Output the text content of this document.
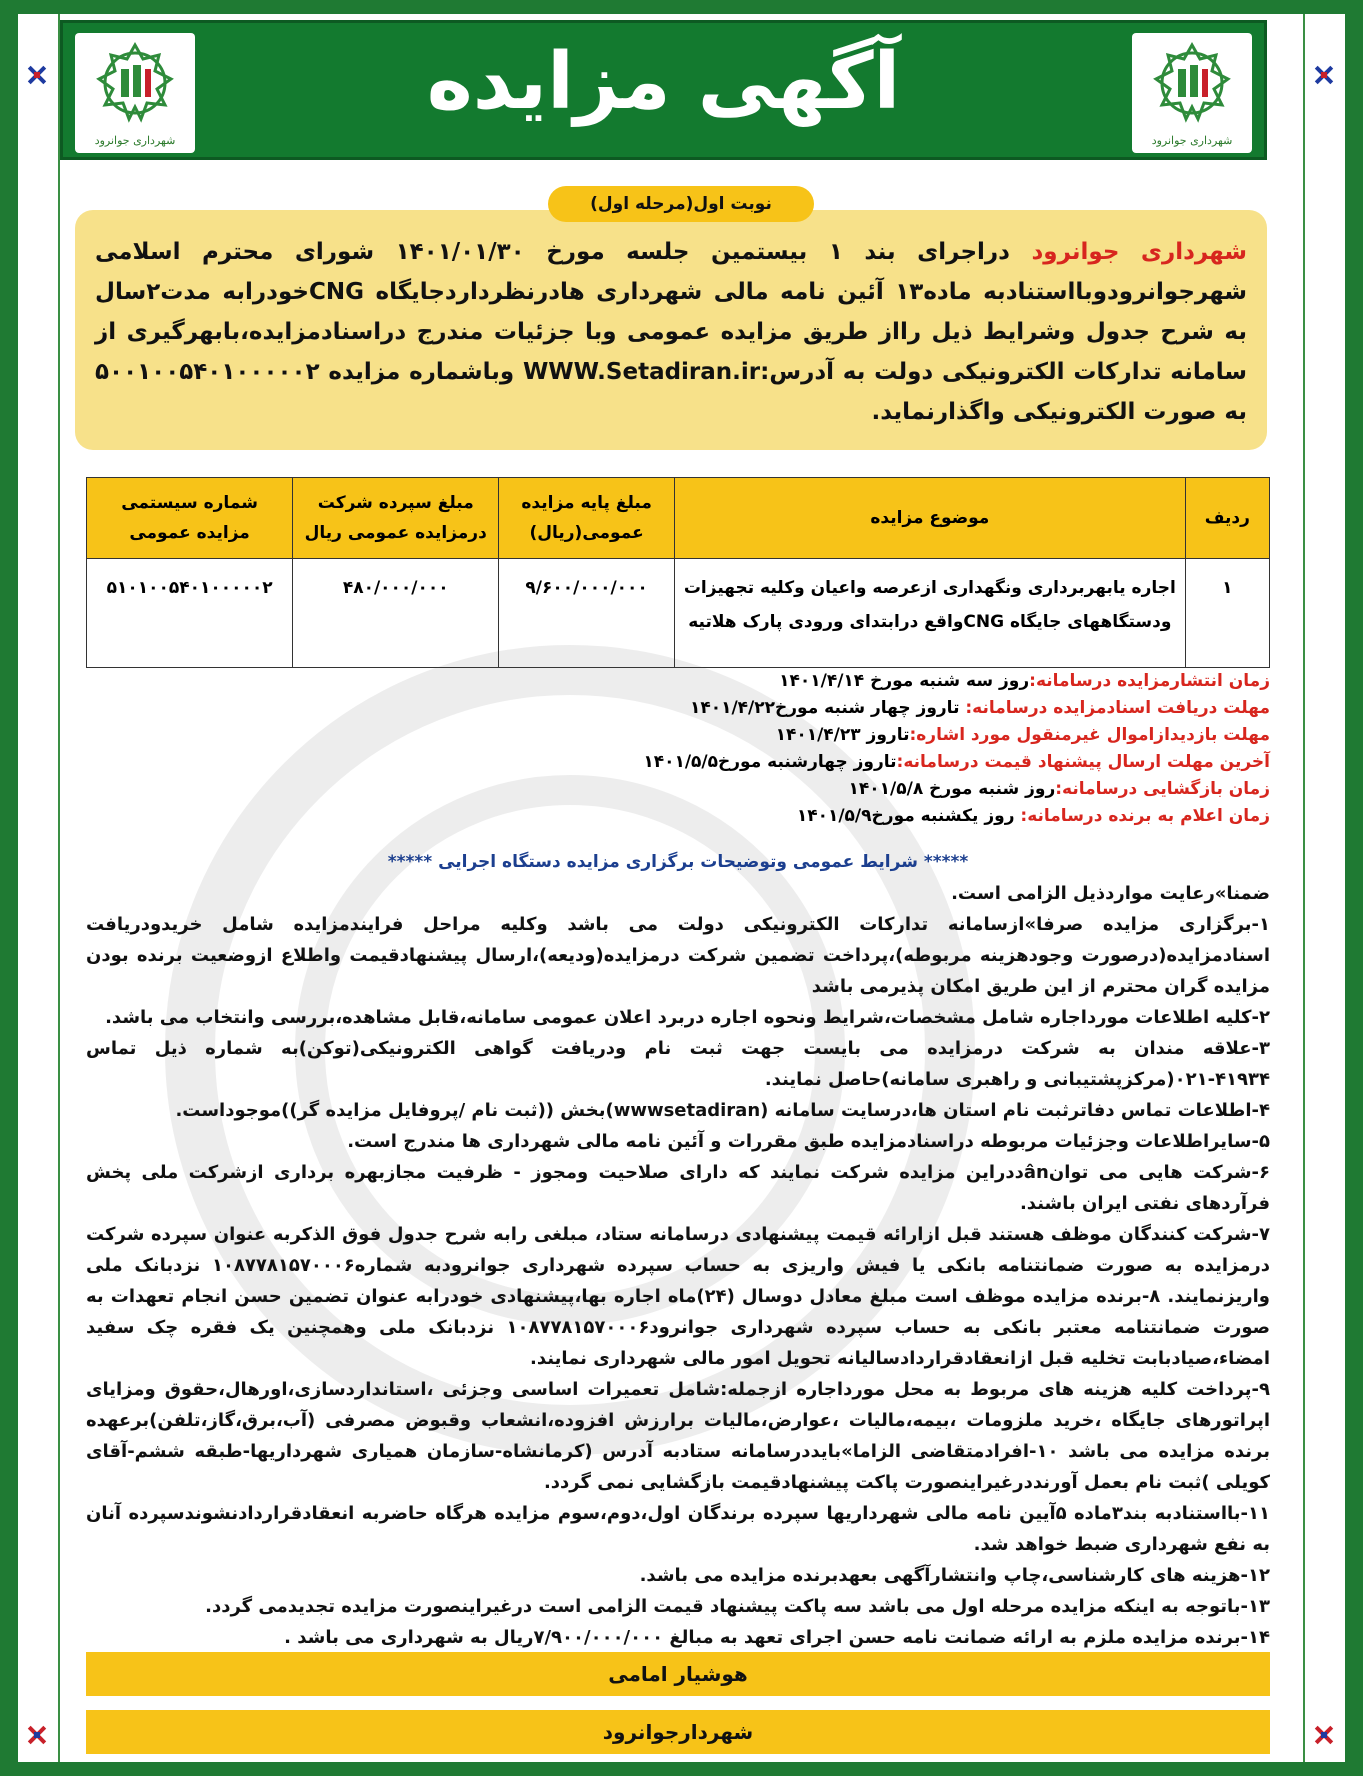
شهرداری جوانرود
آگهی مزایده
شهرداری جوانرود
شهرداری جوانرود دراجرای بند ۱ بیستمین جلسه مورخ ۱۴۰۱/۰۱/۳۰ شورای محترم اسلامی شهرجوانرودوبااستنادبه ماده۱۳ آئین نامه مالی شهرداری هادرنظرداردجایگاه CNGخودرابه مدت۲سال به شرح جدول وشرایط ذیل رااز طریق مزایده عمومی وبا جزئیات مندرج دراسنادمزایده،بابهرگیری از سامانه تدارکات الکترونیکی دولت به آدرس:WWW.Setadiran.ir وباشماره مزایده ۵۰۰۱۰۰۵۴۰۱۰۰۰۰۰۲ به صورت الکترونیکی واگذارنماید.
نوبت اول(مرحله اول)
ردیف	موضوع مزایده	مبلغ پایه مزایده عمومی(ریال)	مبلغ سپرده شرکت درمزایده عمومی ریال	شماره سیستمی مزایده عمومی
۱	اجاره یابهربرداری ونگهداری ازعرصه واعیان وکلیه تجهیزات ودستگاههای جایگاه CNGواقع درابتدای ورودی پارک هلاتیه	۹/۶۰۰/۰۰۰/۰۰۰	۴۸۰/۰۰۰/۰۰۰	۵۱۰۱۰۰۵۴۰۱۰۰۰۰۰۲
زمان انتشارمزایده درسامانه:روز سه شنبه مورخ ۱۴۰۱/۴/۱۴
مهلت دریافت اسنادمزایده درسامانه: تاروز چهار شنبه مورخ۱۴۰۱/۴/۲۲
مهلت بازدیدازاموال غیرمنقول مورد اشاره:تاروز ۱۴۰۱/۴/۲۳
آخرین مهلت ارسال پیشنهاد قیمت درسامانه:تاروز چهارشنبه مورخ۱۴۰۱/۵/۵
زمان بازگشایی درسامانه:روز شنبه مورخ ۱۴۰۱/۵/۸
زمان اعلام به برنده درسامانه: روز یکشنبه مورخ۱۴۰۱/۵/۹
***** شرایط عمومی وتوضیحات برگزاری مزایده دستگاه اجرایی *****

ضمنا»رعایت مواردذیل الزامی است.

۱-برگزاری مزایده صرفا»ازسامانه تدارکات الکترونیکی دولت می باشد وکلیه مراحل فرایندمزایده شامل خریدودریافت اسنادمزایده(درصورت وجودهزینه مربوطه)،پرداخت تضمین شرکت درمزایده(ودیعه)،ارسال پیشنهادقیمت واطلاع ازوضعیت برنده بودن مزایده گران محترم از این طریق امکان پذیرمی باشد

۲-کلیه اطلاعات مورداجاره شامل مشخصات،شرایط ونحوه اجاره دربرد اعلان عمومی سامانه،قابل مشاهده،بررسی وانتخاب می باشد.

۳-علاقه مندان به شرکت درمزایده می بایست جهت ثبت نام ودریافت گواهی الکترونیکی(توکن)به شماره ذیل تماس ۴۱۹۳۴-۰۲۱(مرکزپشتیبانی و راهبری سامانه)حاصل نمایند.

۴-اطلاعات تماس دفاترثبت نام استان ها،درسایت سامانه (wwwsetadiran)بخش ((ثبت نام /پروفایل مزایده گر))موجوداست.

۵-سایراطلاعات وجزئیات مربوطه دراسنادمزایده طبق مقررات و آئین نامه مالی شهرداری ها مندرج است.

۶-شرکت هایی می توانânددراین مزایده شرکت نمایند که دارای صلاحیت ومجوز - ظرفیت مجازبهره برداری ازشرکت ملی پخش فرآردهای نفتی ایران باشند.

۷-شرکت کنندگان موظف هستند قبل ازارائه قیمت پیشنهادی درسامانه ستاد، مبلغی رابه شرح جدول فوق الذکربه عنوان سپرده شرکت درمزایده به صورت ضمانتنامه بانکی یا فیش واریزی به حساب سپرده شهرداری جوانرودبه شماره۱۰۸۷۷۸۱۵۷۰۰۰۶ نزدبانک ملی واریزنمایند. ۸-برنده مزایده موظف است مبلغ معادل دوسال (۲۴)ماه اجاره بها،پیشنهادی خودرابه عنوان تضمین حسن انجام تعهدات به صورت ضمانتنامه معتبر بانکی به حساب سپرده شهرداری جوانرود۱۰۸۷۷۸۱۵۷۰۰۰۶ نزدبانک ملی وهمچنین یک فقره چک سفید امضاء،صیادبابت تخلیه قبل ازانعقادقراردادسالیانه تحویل امور مالی شهرداری نمایند.

۹-پرداخت کلیه هزینه های مربوط به محل مورداجاره ازجمله:شامل تعمیرات اساسی وجزئی ،استانداردسازی،اورهال،حقوق ومزایای اپراتورهای جایگاه ،خرید ملزومات ،بیمه،مالیات ،عوارض،مالیات برارزش افزوده،انشعاب وقبوض مصرفی (آب،برق،گاز،تلفن)برعهده برنده مزایده می باشد ۱۰-افرادمتقاضی الزاما»بایددرسامانه ستادبه آدرس (کرمانشاه-سازمان همیاری شهرداریها-طبقه ششم-آقای کویلی )ثبت نام بعمل آورنددرغیراینصورت پاکت پیشنهادقیمت بازگشایی نمی گردد.

۱۱-بااستنادبه بند۳ماده ۵آیین نامه مالی شهرداریها سپرده برندگان اول،دوم،سوم مزایده هرگاه حاضربه انعقادقراردادنشوندسپرده آنان به نفع شهرداری ضبط خواهد شد.

۱۲-هزینه های کارشناسی،چاپ وانتشارآگهی بعهدبرنده مزایده می باشد.

۱۳-باتوجه به اینکه مزایده مرحله اول می باشد سه پاکت پیشنهاد قیمت الزامی است درغیراینصورت مزایده تجدیدمی گردد.

۱۴-برنده مزایده ملزم به ارائه ضمانت نامه حسن اجرای تعهد به مبالغ ۷/۹۰۰/۰۰۰/۰۰۰ریال به شهرداری می باشد .

هوشیار امامی
شهردارجوانرود
